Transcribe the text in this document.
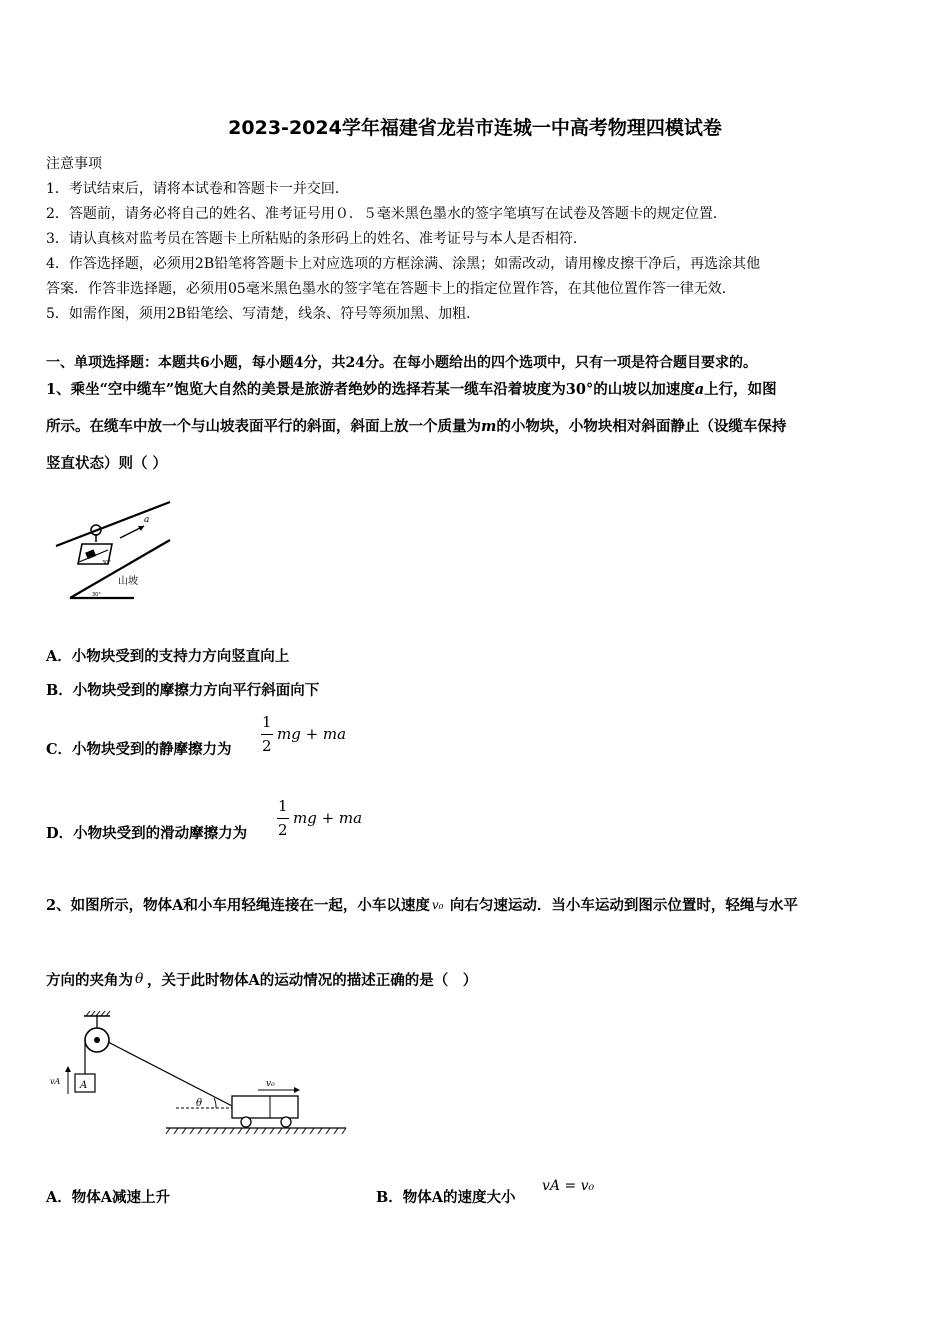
2023-2024学年福建省龙岩市连城一中高考物理四模试卷
注意事项
1．考试结束后，请将本试卷和答题卡一并交回．
2．答题前，请务必将自己的姓名、准考证号用０．５毫米黑色墨水的签字笔填写在试卷及答题卡的规定位置．
3．请认真核对监考员在答题卡上所粘贴的条形码上的姓名、准考证号与本人是否相符．
4．作答选择题，必须用2B铅笔将答题卡上对应选项的方框涂满、涂黑；如需改动，请用橡皮擦干净后，再选涂其他
答案．作答非选择题，必须用05毫米黑色墨水的签字笔在答题卡上的指定位置作答，在其他位置作答一律无效．
5．如需作图，须用2B铅笔绘、写清楚，线条、符号等须加黑、加粗．
一、单项选择题：本题共6小题，每小题4分，共24分。在每小题给出的四个选项中，只有一项是符合题目要求的。
1、乘坐“空中缆车”饱览大自然的美景是旅游者绝妙的选择若某一缆车沿着坡度为30°的山坡以加速度a上行，如图
所示。在缆车中放一个与山坡表面平行的斜面，斜面上放一个质量为m的小物块，小物块相对斜面静止（设缆车保持
竖直状态）则（ ）
a
30°
山坡
30°
A．小物块受到的支持力方向竖直向上
B．小物块受到的摩擦力方向平行斜面向下
C．小物块受到的静摩擦力为
1
2
mg + ma
D．小物块受到的滑动摩擦力为
1
2
mg + ma
2、如图所示，物体A和小车用轻绳连接在一起，小车以速度 v₀ 向右匀速运动．当小车运动到图示位置时，轻绳与水平
方向的夹角为 θ ，关于此时物体A的运动情况的描述正确的是（　）
A
vA
θ
v₀
A．物体A减速上升	B．物体A的速度大小
vA = v₀
